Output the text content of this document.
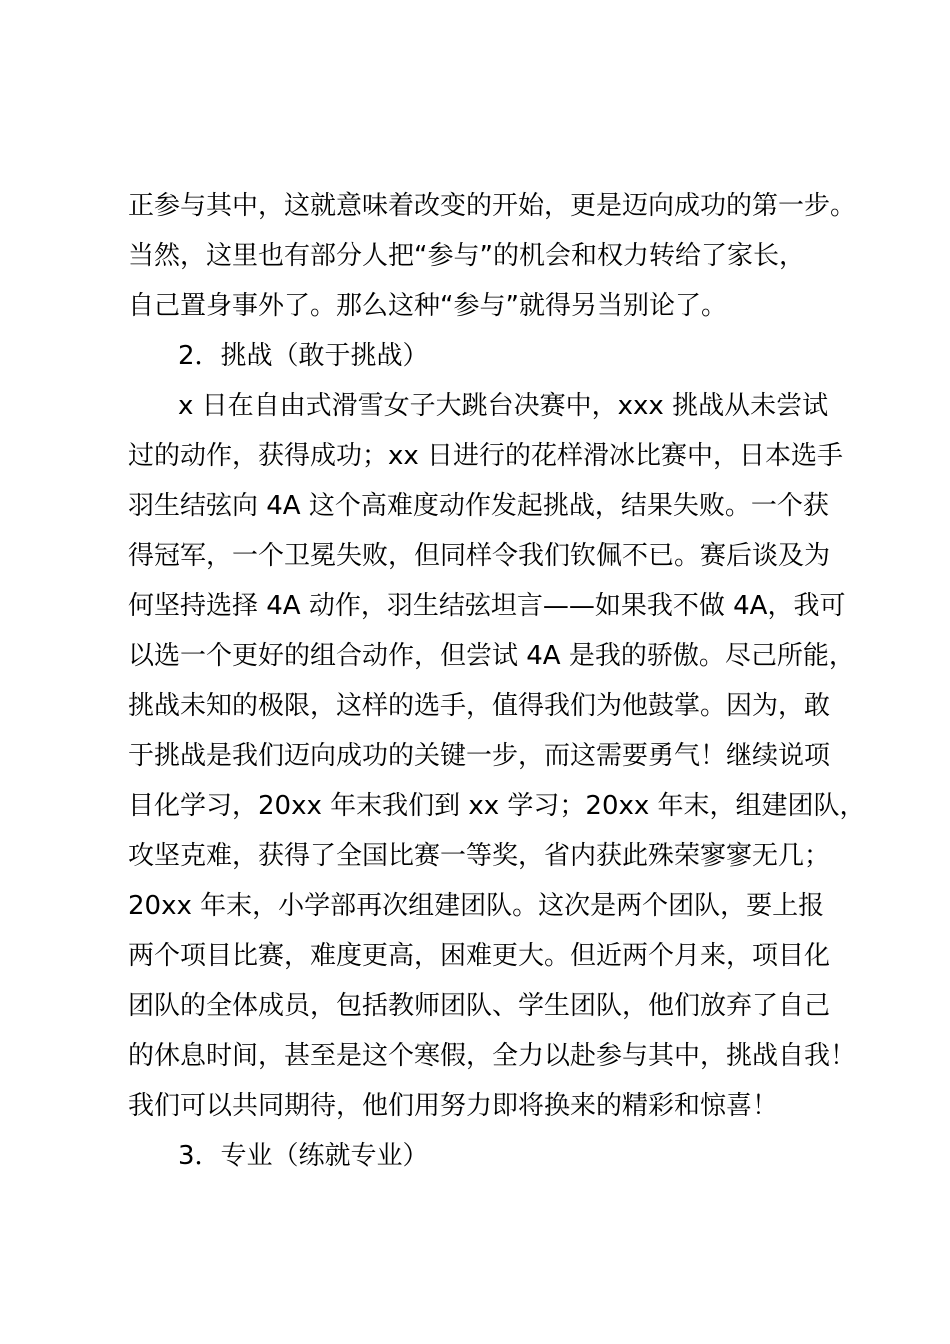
正参与其中，这就意味着改变的开始，更是迈向成功的第一步。
当然，这里也有部分人把“参与”的机会和权力转给了家长，
自己置身事外了。那么这种“参与”就得另当别论了。
2．挑战（敢于挑战）
x 日在自由式滑雪女子大跳台决赛中，xxx 挑战从未尝试
过的动作，获得成功；xx 日进行的花样滑冰比赛中，日本选手
羽生结弦向 4A 这个高难度动作发起挑战，结果失败。一个获
得冠军，一个卫冕失败，但同样令我们钦佩不已。赛后谈及为
何坚持选择 4A 动作，羽生结弦坦言——如果我不做 4A，我可
以选一个更好的组合动作，但尝试 4A 是我的骄傲。尽己所能，
挑战未知的极限，这样的选手，值得我们为他鼓掌。因为，敢
于挑战是我们迈向成功的关键一步，而这需要勇气！继续说项
目化学习，20xx 年末我们到 xx 学习；20xx 年末，组建团队，
攻坚克难，获得了全国比赛一等奖，省内获此殊荣寥寥无几；
20xx 年末，小学部再次组建团队。这次是两个团队，要上报
两个项目比赛，难度更高，困难更大。但近两个月来，项目化
团队的全体成员，包括教师团队、学生团队，他们放弃了自己
的休息时间，甚至是这个寒假，全力以赴参与其中，挑战自我！
我们可以共同期待，他们用努力即将换来的精彩和惊喜！
3．专业（练就专业）
